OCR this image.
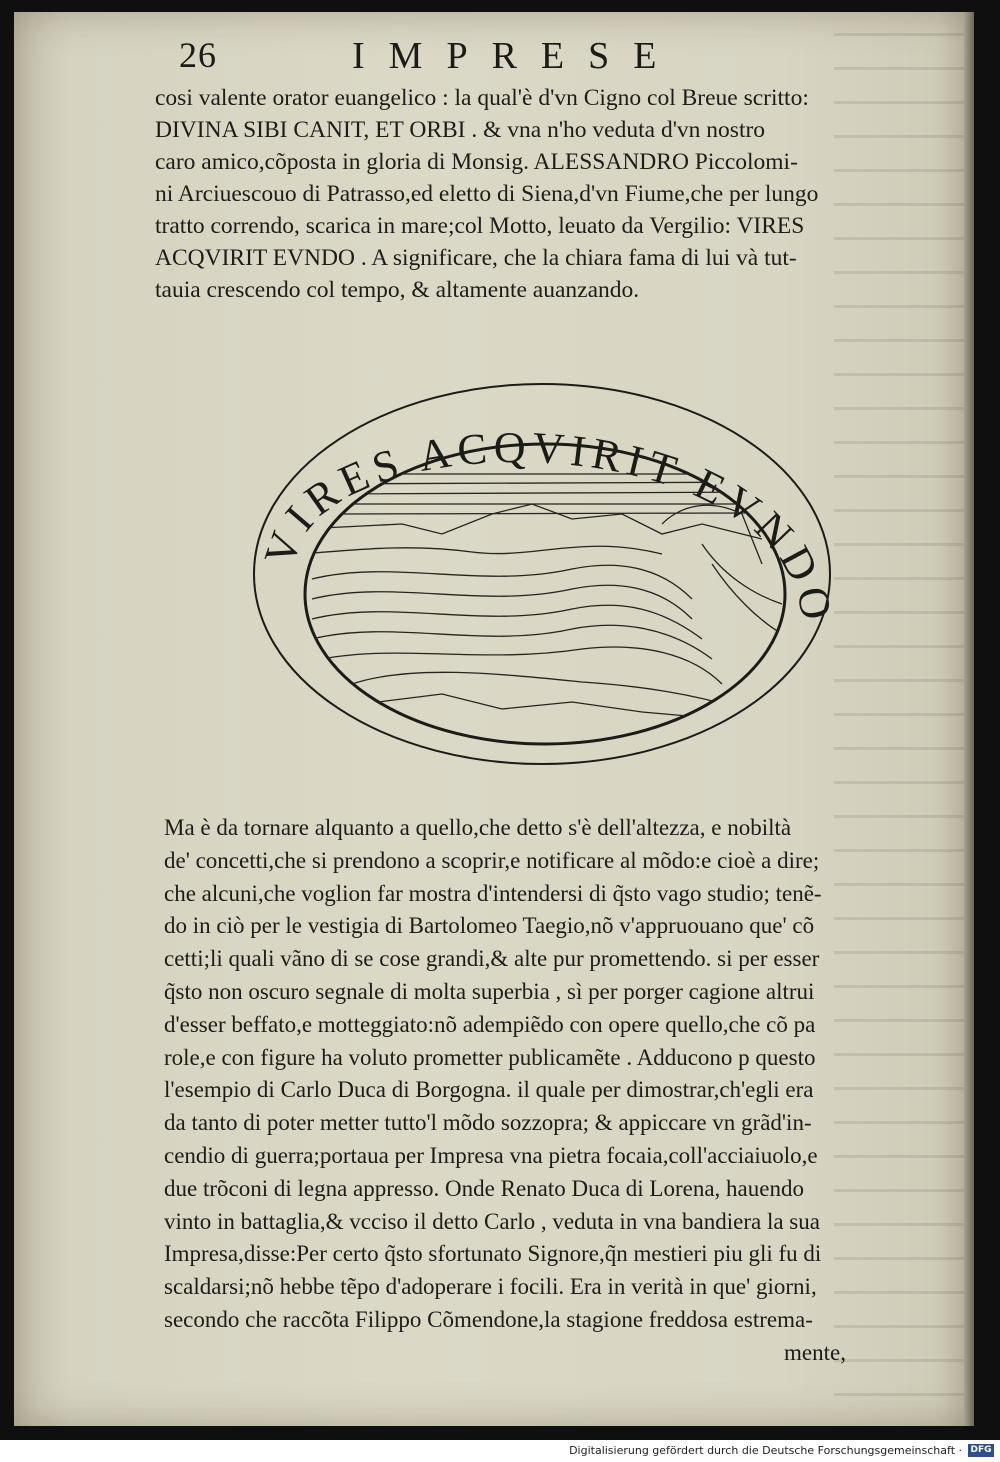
26	IMPRESE

cosi valente orator euangelico : la qual'è d'vn Cigno col Breue scritto:

DIVINA SIBI CANIT, ET ORBI . & vna n'ho veduta d'vn nostro

caro amico,cõposta in gloria di Monsig. ALESSANDRO Piccolomi-

ni Arciuescouo di Patrasso,ed eletto di Siena,d'vn Fiume,che per lungo

tratto correndo, scarica in mare;col Motto, leuato da Vergilio: VIRES

ACQVIRIT EVNDO . A significare, che la chiara fama di lui và tut-

tauia crescendo col tempo, & altamente auanzando.

VIRES ACQVIRIT EVNDO

Ma è da tornare alquanto a quello,che detto s'è dell'altezza, e nobiltà

de' concetti,che si prendono a scoprir,e notificare al mõdo:e cioè a dire;

che alcuni,che voglion far mostra d'intendersi di q̃sto vago studio; tenẽ-

do in ciò per le vestigia di Bartolomeo Taegio,nõ v'appruouano que' cõ

cetti;li quali vãno di se cose grandi,& alte pur promettendo. si per esser

q̃sto non oscuro segnale di molta superbia , sì per porger cagione altrui

d'esser beffato,e motteggiato:nõ adempiẽdo con opere quello,che cõ pa

role,e con figure ha voluto prometter publicamẽte . Adducono p questo

l'esempio di Carlo Duca di Borgogna. il quale per dimostrar,ch'egli era

da tanto di poter metter tutto'l mõdo sozzopra; & appiccare vn grãd'in-

cendio di guerra;portaua per Impresa vna pietra focaia,coll'acciaiuolo,e

due trõconi di legna appresso. Onde Renato Duca di Lorena, hauendo

vinto in battaglia,& vcciso il detto Carlo , veduta in vna bandiera la sua

Impresa,disse:Per certo q̃sto sfortunato Signore,q̃n mestieri piu gli fu di

scaldarsi;nõ hebbe tẽpo d'adoperare i focili. Era in verità in que' giorni,

secondo che raccõta Filippo Cõmendone,la stagione freddosa estrema-

mente,

Digitalisierung gefördert durch die Deutsche Forschungsgemeinschaft · DFG
